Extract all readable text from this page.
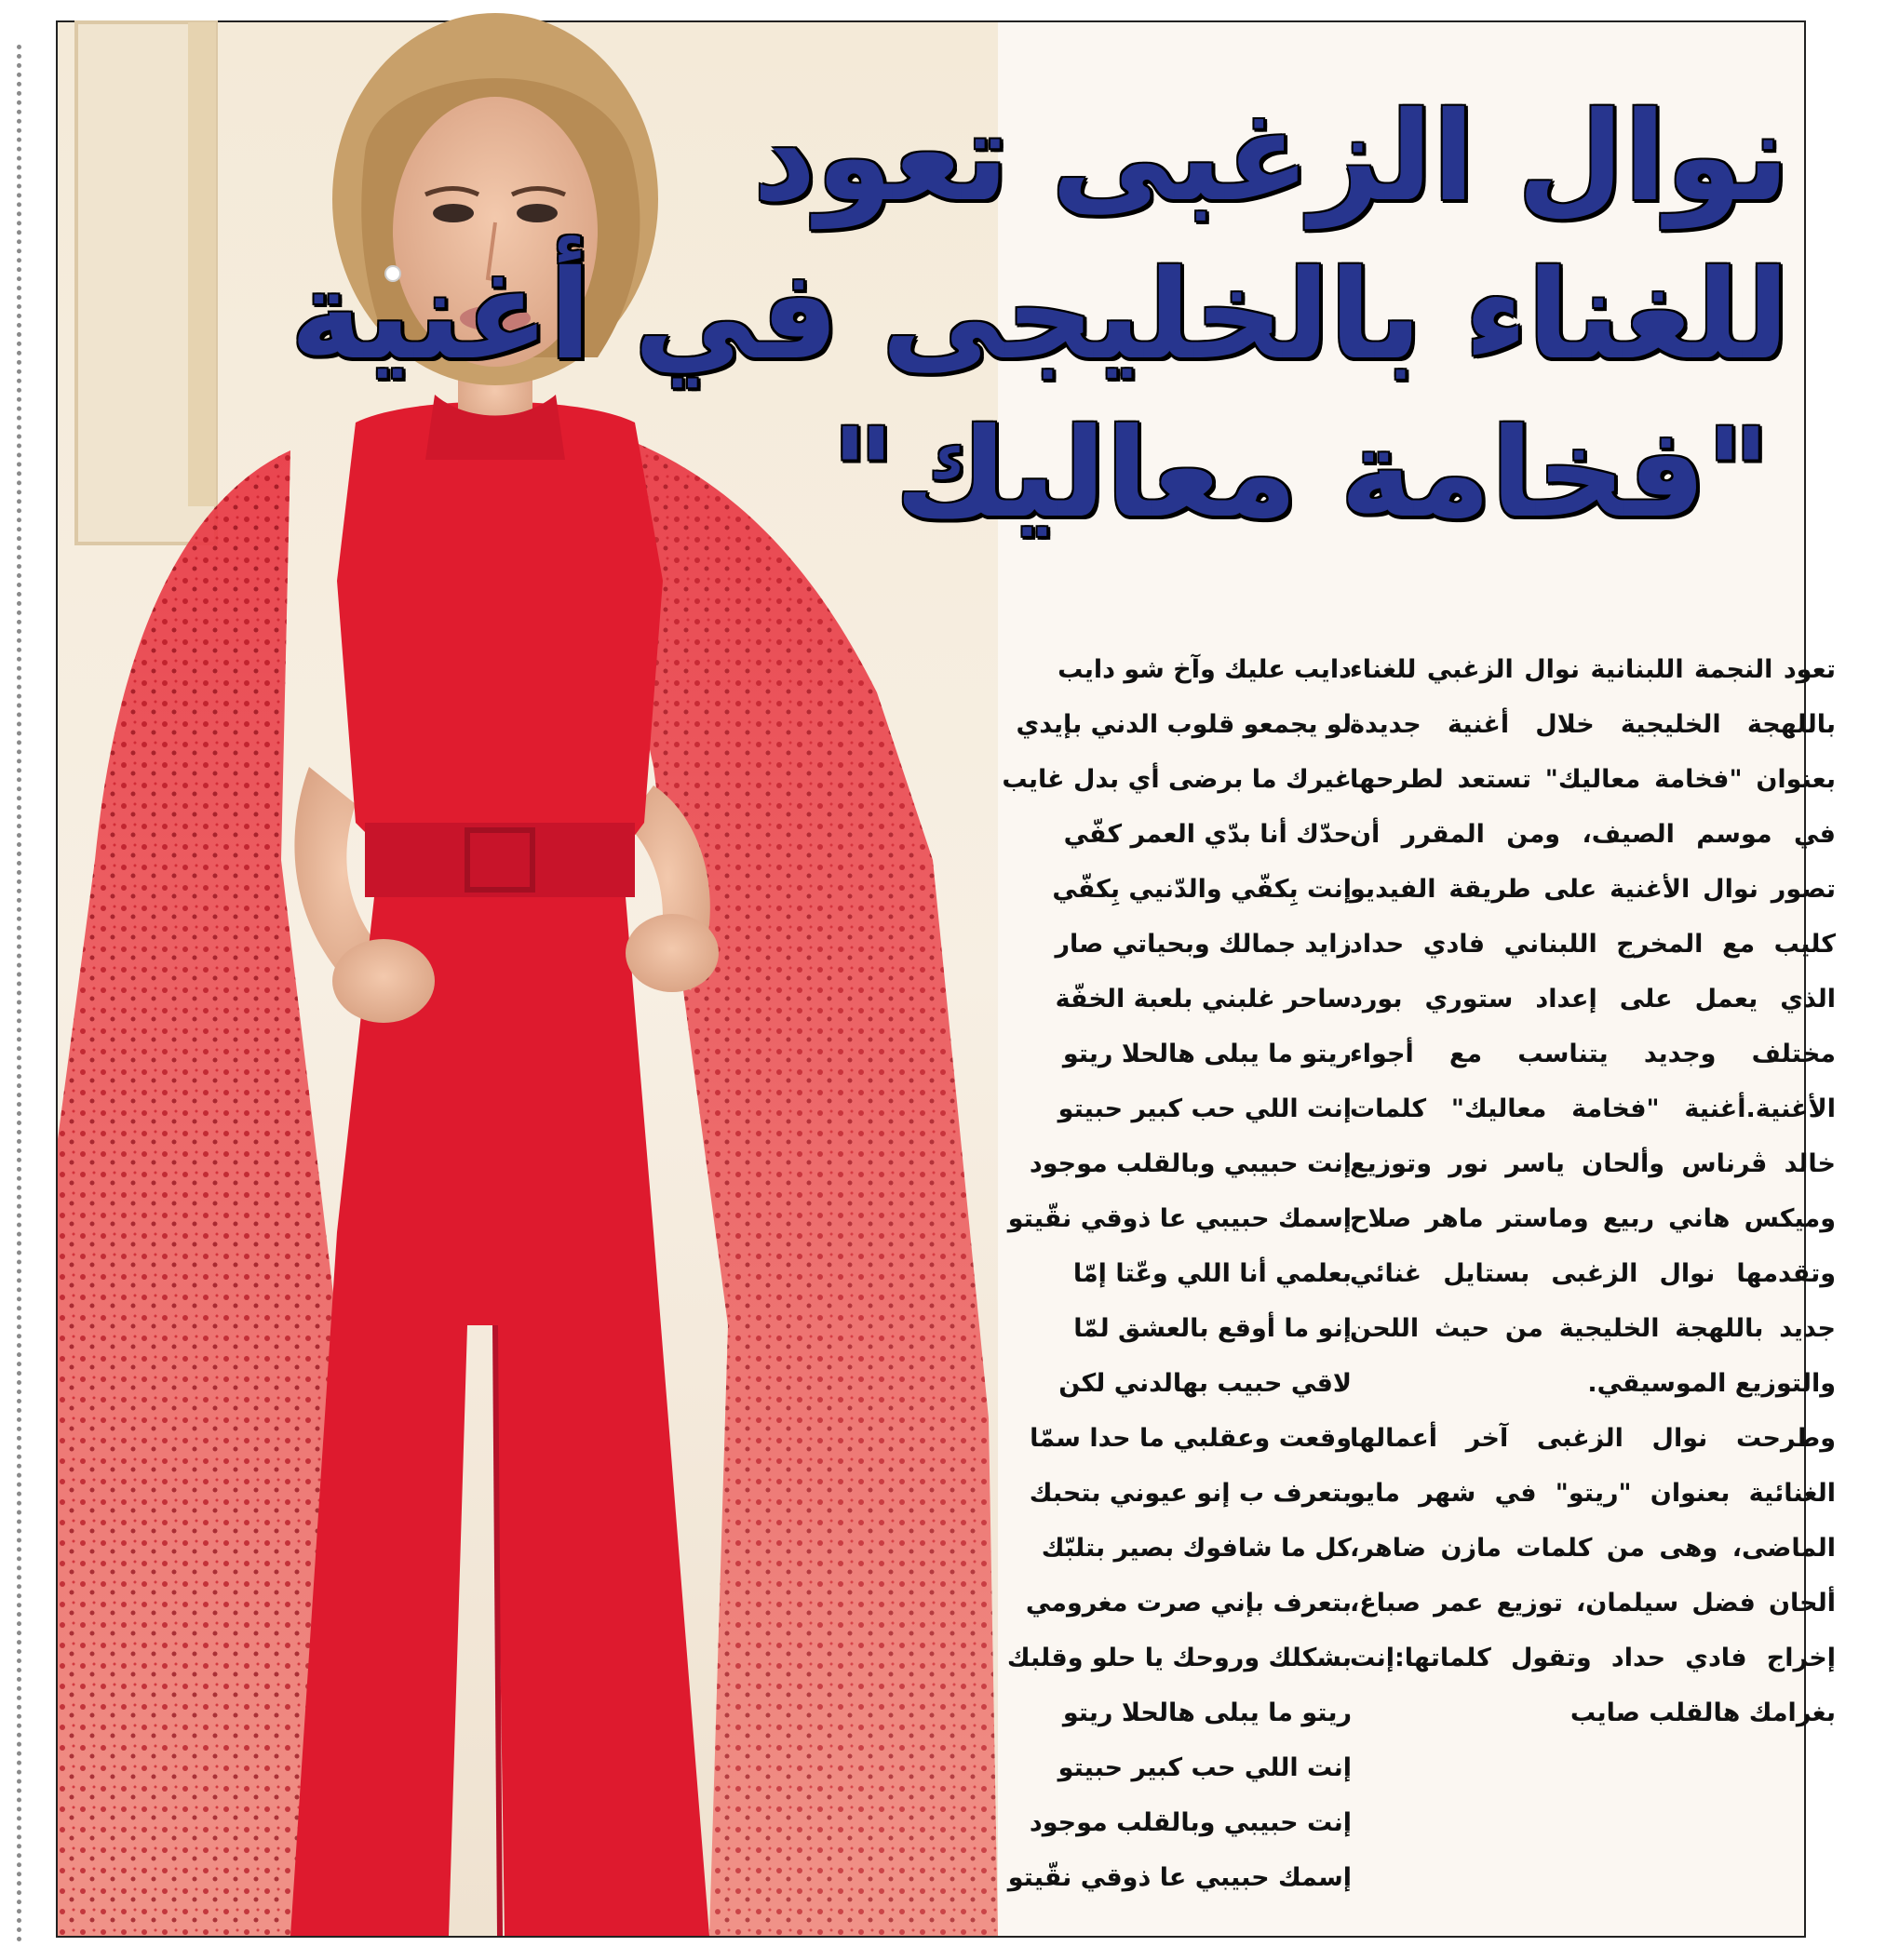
نوال الزغبى تعود
للغناء بالخليجى في أغنية
"فخامة معاليك"

تعود النجمة اللبنانية نوال الزغبي للغناء باللهجة الخليجية خلال أغنية جديدة بعنوان "فخامة معاليك" تستعد لطرحها في موسم الصيف، ومن المقرر أن تصور نوال الأغنية على طريقة الفيديو كليب مع المخرج اللبناني فادي حداد الذي يعمل على إعداد ستوري بورد مختلف وجديد يتناسب مع أجواء الأغنية.أغنية "فخامة معاليك" كلمات خالد ڤرناس وألحان ياسر نور وتوزيع وميكس هاني ربيع وماستر ماهر صلاح وتقدمها نوال الزغبى بستايل غنائي جديد باللهجة الخليجية من حيث اللحن والتوزيع الموسيقي.

وطرحت نوال الزغبى آخر أعمالها الغنائية بعنوان "ريتو" في شهر مايو الماضى، وهى من كلمات مازن ضاهر، ألحان فضل سيلمان، توزيع عمر صباغ، إخراج فادي حداد وتقول كلماتها:إنت بغرامك هالقلب صايب

دايب عليك وآخ شو دايب
لو يجمعو قلوب الدني بإيدي
غيرك ما برضى أي بدل غايب
حدّك أنا بدّي العمر كفّي
إنت بِكفّي والدّنيي بِكفّي
زايد جمالك وبحياتي صار
ساحر غلبني بلعبة الخفّة
ريتو ما يبلى هالحلا ريتو
إنت اللي حب كبير حبيتو
إنت حبيبي وبالقلب موجود
إسمك حبيبي عا ذوقي نقّيتو
بعلمي أنا اللي وعّتا إمّا
إنو ما أوقع بالعشق لمّا
لاقي حبيب بهالدني لكن
وقعت وعقلبي ما حدا سمّا
بتعرف ب إنو عيوني بتحبك
كل ما شافوك بصير بتلبّك
بتعرف بإني صرت مغرومي
بشكلك وروحك يا حلو وقلبك
ريتو ما يبلى هالحلا ريتو
إنت اللي حب كبير حبيتو
إنت حبيبي وبالقلب موجود
إسمك حبيبي عا ذوقي نقّيتو
